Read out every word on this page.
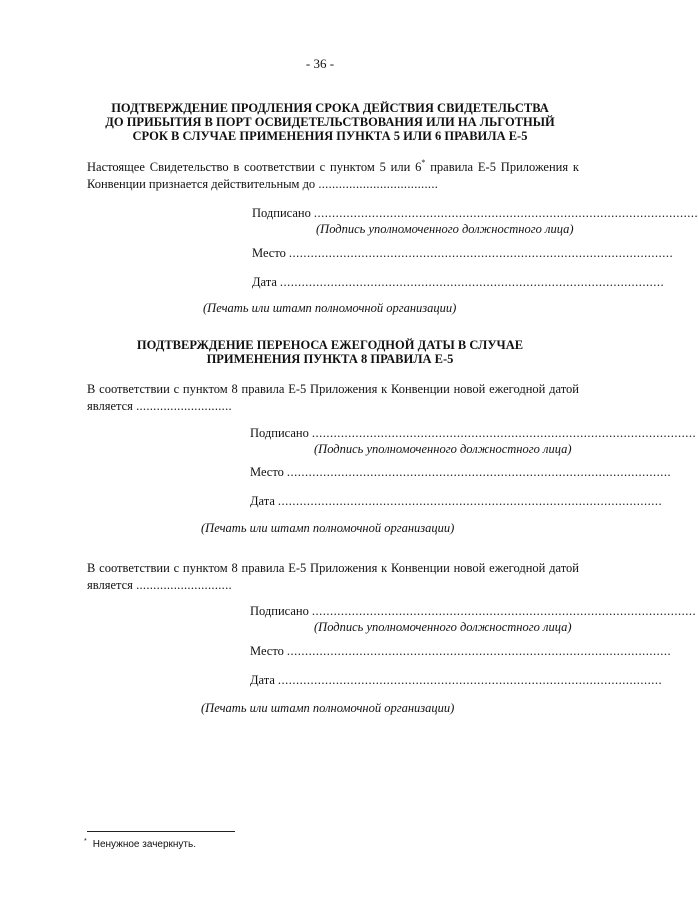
- 36 -
ПОДТВЕРЖДЕНИЕ ПРОДЛЕНИЯ СРОКА ДЕЙСТВИЯ СВИДЕТЕЛЬСТВА
ДО ПРИБЫТИЯ В ПОРТ ОСВИДЕТЕЛЬСТВОВАНИЯ ИЛИ НА ЛЬГОТНЫЙ
СРОК В СЛУЧАЕ ПРИМЕНЕНИЯ ПУНКТА 5 ИЛИ 6 ПРАВИЛА Е-5
Настоящее Свидетельство в соответствии с пунктом 5 или 6* правила Е-5 Приложения к Конвенции признается действительным до ...................................
Подписано ..........................................................................................................
(Подпись уполномоченного должностного лица)
Место ..........................................................................................................
Дата ..........................................................................................................
(Печать или штамп полномочной организации)
ПОДТВЕРЖДЕНИЕ ПЕРЕНОСА ЕЖЕГОДНОЙ ДАТЫ В СЛУЧАЕ
ПРИМЕНЕНИЯ ПУНКТА 8 ПРАВИЛА Е-5
В соответствии с пунктом 8 правила Е-5 Приложения к Конвенции новой ежегодной датой является ............................
Подписано ..........................................................................................................
(Подпись уполномоченного должностного лица)
Место ..........................................................................................................
Дата ..........................................................................................................
(Печать или штамп полномочной организации)
В соответствии с пунктом 8 правила Е-5 Приложения к Конвенции новой ежегодной датой является ............................
Подписано ..........................................................................................................
(Подпись уполномоченного должностного лица)
Место ..........................................................................................................
Дата ..........................................................................................................
(Печать или штамп полномочной организации)
* Ненужное зачеркнуть.
